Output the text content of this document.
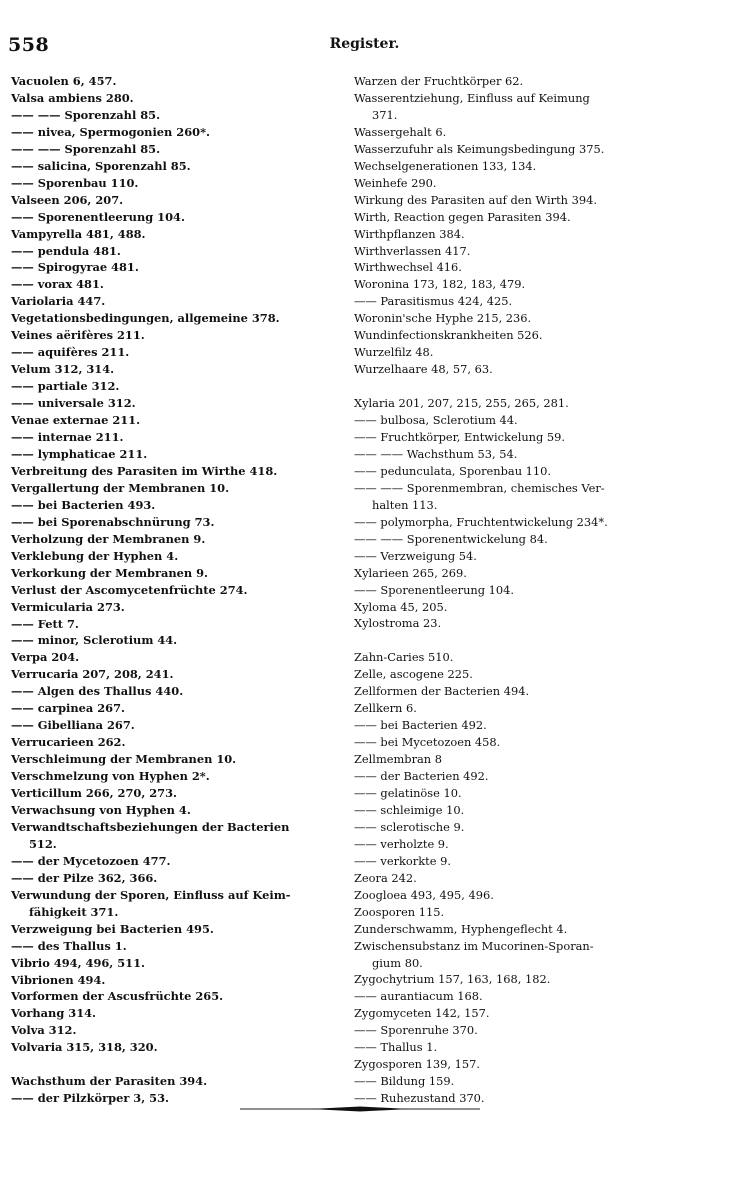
558	Register.
Vacuolen 6, 457.
Valsa ambiens 280.
—— —— Sporenzahl 85.
—— nivea, Spermogonien 260*.
—— —— Sporenzahl 85.
—— salicina, Sporenzahl 85.
—— Sporenbau 110.
Valseen 206, 207.
—— Sporenentleerung 104.
Vampyrella 481, 488.
—— pendula 481.
—— Spirogyrae 481.
—— vorax 481.
Variolaria 447.
Vegetationsbedingungen, allgemeine 378.
Veines aërifères 211.
—— aquifères 211.
Velum 312, 314.
—— partiale 312.
—— universale 312.
Venae externae 211.
—— internae 211.
—— lymphaticae 211.
Verbreitung des Parasiten im Wirthe 418.
Vergallertung der Membranen 10.
—— bei Bacterien 493.
—— bei Sporenabschnürung 73.
Verholzung der Membranen 9.
Verklebung der Hyphen 4.
Verkorkung der Membranen 9.
Verlust der Ascomycetenfrüchte 274.
Vermicularia 273.
—— Fett 7.
—— minor, Sclerotium 44.
Verpa 204.
Verrucaria 207, 208, 241.
—— Algen des Thallus 440.
—— carpinea 267.
—— Gibelliana 267.
Verrucarieen 262.
Verschleimung der Membranen 10.
Verschmelzung von Hyphen 2*.
Verticillum 266, 270, 273.
Verwachsung von Hyphen 4.
Verwandtschaftsbeziehungen der Bacterien
512.
—— der Mycetozoen 477.
—— der Pilze 362, 366.
Verwundung der Sporen, Einfluss auf Keim-
fähigkeit 371.
Verzweigung bei Bacterien 495.
—— des Thallus 1.
Vibrio 494, 496, 511.
Vibrionen 494.
Vorformen der Ascusfrüchte 265.
Vorhang 314.
Volva 312.
Volvaria 315, 318, 320.
Wachsthum der Parasiten 394.
—— der Pilzkörper 3, 53.
Warzen der Fruchtkörper 62.
Wasserentziehung, Einfluss auf Keimung
371.
Wassergehalt 6.
Wasserzufuhr als Keimungsbedingung 375.
Wechselgenerationen 133, 134.
Weinhefe 290.
Wirkung des Parasiten auf den Wirth 394.
Wirth, Reaction gegen Parasiten 394.
Wirthpflanzen 384.
Wirthverlassen 417.
Wirthwechsel 416.
Woronina 173, 182, 183, 479.
—— Parasitismus 424, 425.
Woronin'sche Hyphe 215, 236.
Wundinfectionskrankheiten 526.
Wurzelfilz 48.
Wurzelhaare 48, 57, 63.
Xylaria 201, 207, 215, 255, 265, 281.
—— bulbosa, Sclerotium 44.
—— Fruchtkörper, Entwickelung 59.
—— —— Wachsthum 53, 54.
—— pedunculata, Sporenbau 110.
—— —— Sporenmembran, chemisches Ver-
halten 113.
—— polymorpha, Fruchtentwickelung 234*.
—— —— Sporenentwickelung 84.
—— Verzweigung 54.
Xylarieen 265, 269.
—— Sporenentleerung 104.
Xyloma 45, 205.
Xylostroma 23.
Zahn-Caries 510.
Zelle, ascogene 225.
Zellformen der Bacterien 494.
Zellkern 6.
—— bei Bacterien 492.
—— bei Mycetozoen 458.
Zellmembran 8
—— der Bacterien 492.
—— gelatinöse 10.
—— schleimige 10.
—— sclerotische 9.
—— verholzte 9.
—— verkorkte 9.
Zeora 242.
Zoogloea 493, 495, 496.
Zoosporen 115.
Zunderschwamm, Hyphengeflecht 4.
Zwischensubstanz im Mucorinen-Sporan-
gium 80.
Zygochytrium 157, 163, 168, 182.
—— aurantiacum 168.
Zygomyceten 142, 157.
—— Sporenruhe 370.
—— Thallus 1.
Zygosporen 139, 157.
—— Bildung 159.
—— Ruhezustand 370.
